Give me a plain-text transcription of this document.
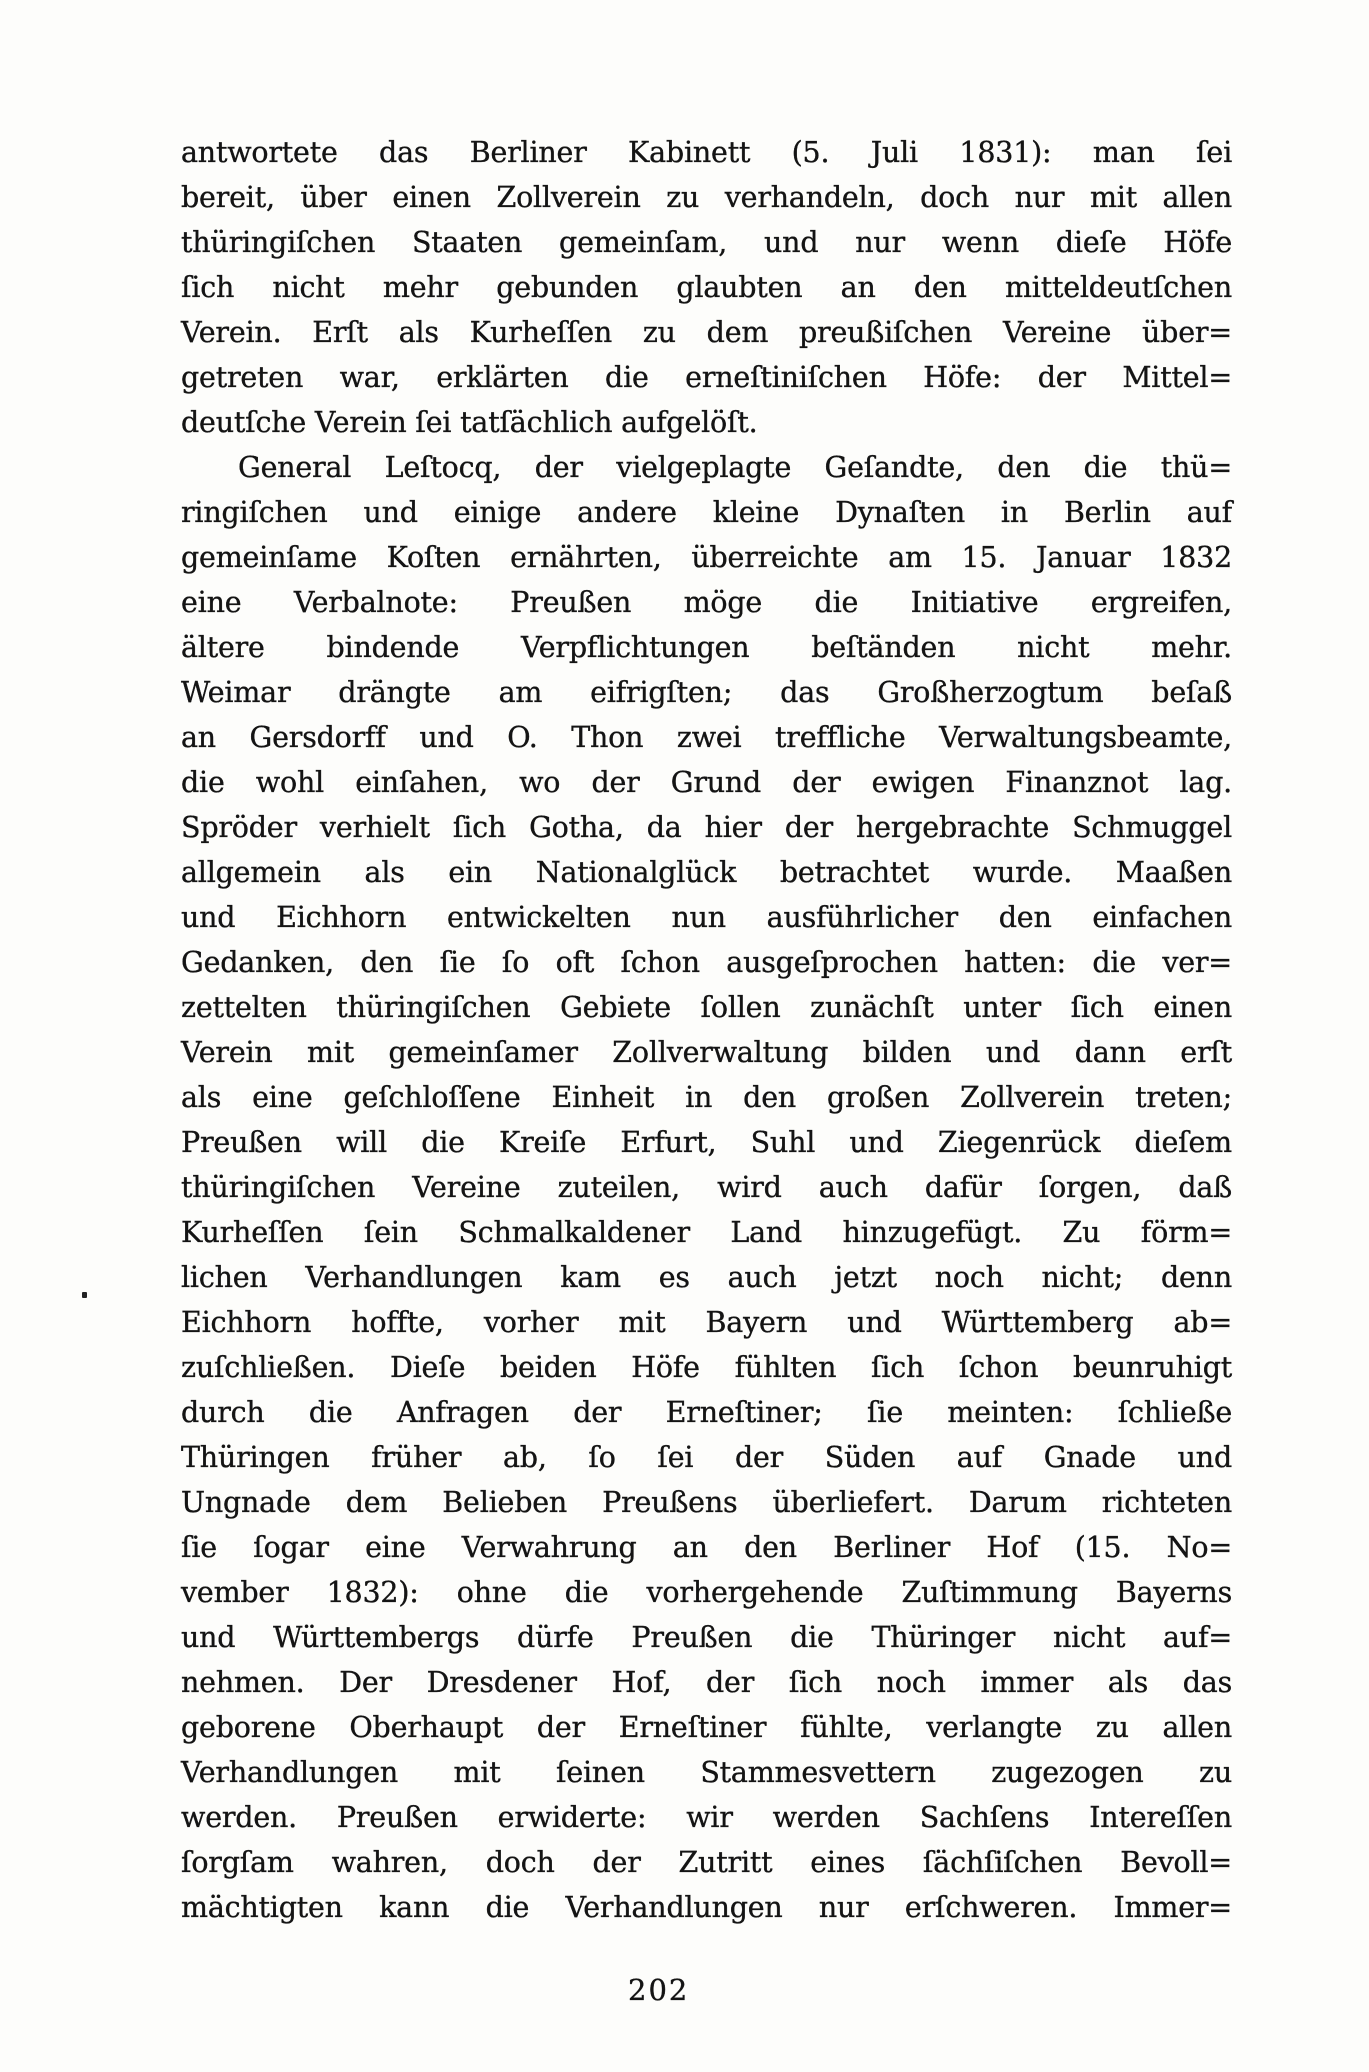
antwortete das Berliner Kabinett (5. Juli 1831): man ſei
bereit, über einen Zollverein zu verhandeln, doch nur mit allen
thüringiſchen Staaten gemeinſam, und nur wenn dieſe Höfe
ſich nicht mehr gebunden glaubten an den mitteldeutſchen
Verein. Erſt als Kurheſſen zu dem preußiſchen Vereine über=
getreten war, erklärten die erneſtiniſchen Höfe: der Mittel=
deutſche Verein ſei tatſächlich aufgelöſt.
General Leſtocq, der vielgeplagte Geſandte, den die thü=
ringiſchen und einige andere kleine Dynaſten in Berlin auf
gemeinſame Koſten ernährten, überreichte am 15. Januar 1832
eine Verbalnote: Preußen möge die Initiative ergreifen,
ältere bindende Verpflichtungen beſtänden nicht mehr.
Weimar drängte am eifrigſten; das Großherzogtum beſaß
an Gersdorff und O. Thon zwei treffliche Verwaltungsbeamte,
die wohl einſahen, wo der Grund der ewigen Finanznot lag.
Spröder verhielt ſich Gotha, da hier der hergebrachte Schmuggel
allgemein als ein Nationalglück betrachtet wurde. Maaßen
und Eichhorn entwickelten nun ausführlicher den einfachen
Gedanken, den ſie ſo oft ſchon ausgeſprochen hatten: die ver=
zettelten thüringiſchen Gebiete ſollen zunächſt unter ſich einen
Verein mit gemeinſamer Zollverwaltung bilden und dann erſt
als eine geſchloſſene Einheit in den großen Zollverein treten;
Preußen will die Kreiſe Erfurt, Suhl und Ziegenrück dieſem
thüringiſchen Vereine zuteilen, wird auch dafür ſorgen, daß
Kurheſſen ſein Schmalkaldener Land hinzugefügt. Zu förm=
lichen Verhandlungen kam es auch jetzt noch nicht; denn
Eichhorn hoffte, vorher mit Bayern und Württemberg ab=
zuſchließen. Dieſe beiden Höfe fühlten ſich ſchon beunruhigt
durch die Anfragen der Erneſtiner; ſie meinten: ſchließe
Thüringen früher ab, ſo ſei der Süden auf Gnade und
Ungnade dem Belieben Preußens überliefert. Darum richteten
ſie ſogar eine Verwahrung an den Berliner Hof (15. No=
vember 1832): ohne die vorhergehende Zuſtimmung Bayerns
und Württembergs dürfe Preußen die Thüringer nicht auf=
nehmen. Der Dresdener Hof, der ſich noch immer als das
geborene Oberhaupt der Erneſtiner fühlte, verlangte zu allen
Verhandlungen mit ſeinen Stammesvettern zugezogen zu
werden. Preußen erwiderte: wir werden Sachſens Intereſſen
ſorgſam wahren, doch der Zutritt eines ſächſiſchen Bevoll=
mächtigten kann die Verhandlungen nur erſchweren. Immer=
202
